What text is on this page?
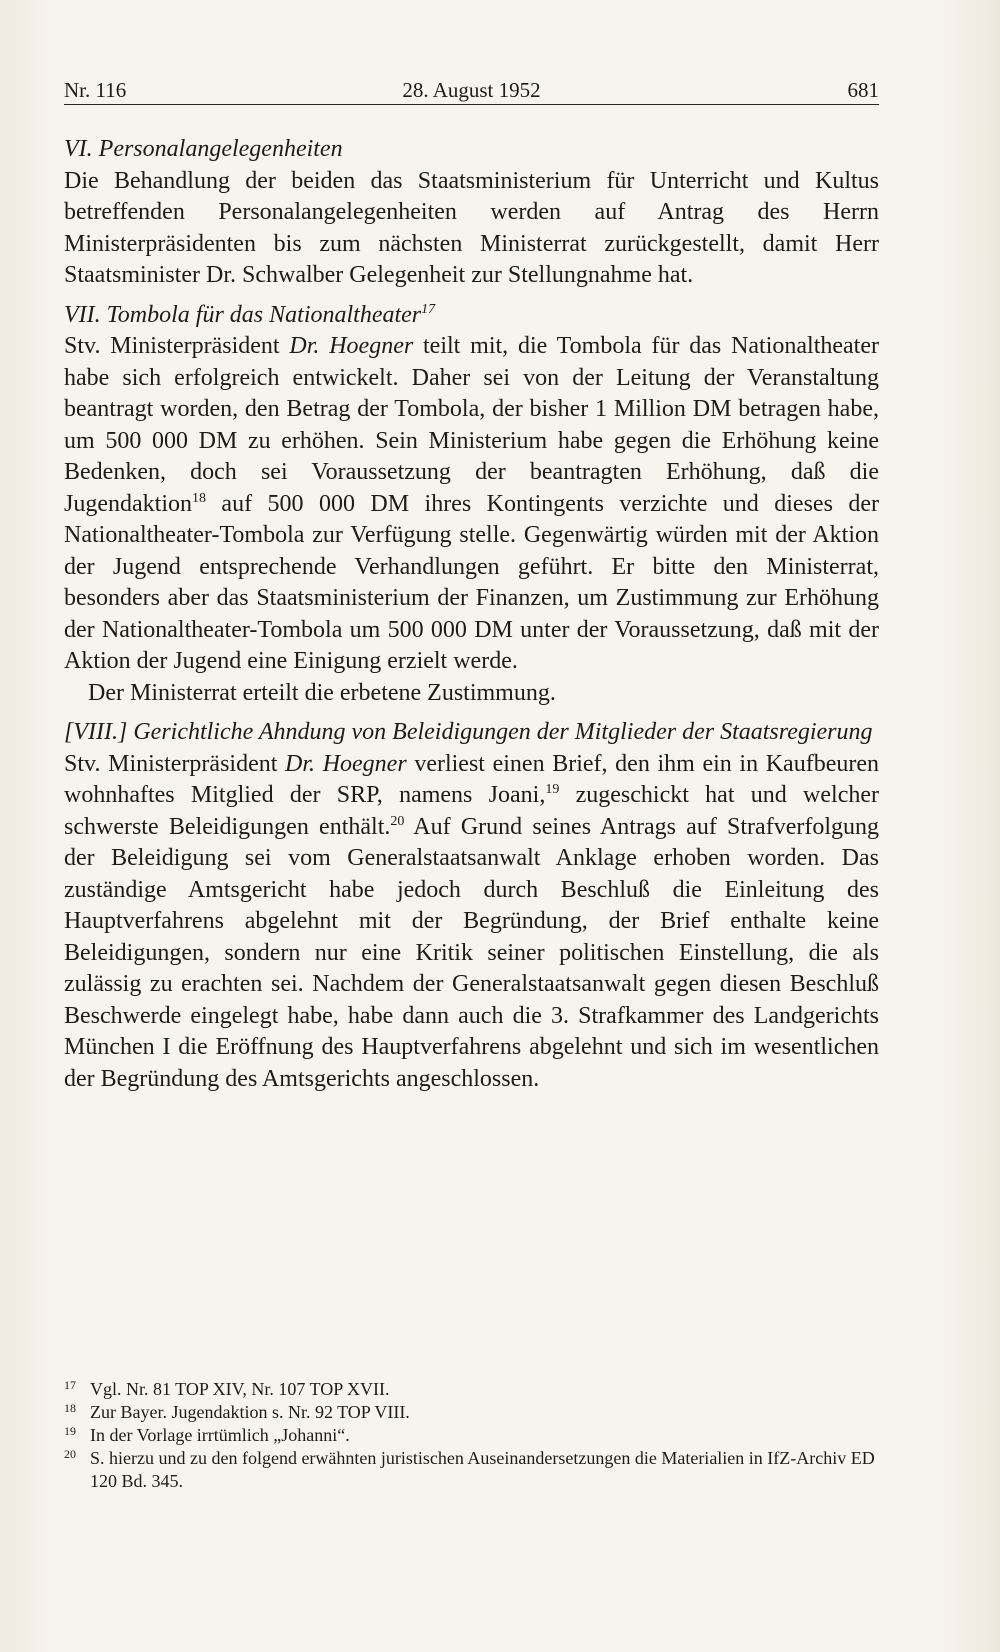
Nr. 116	28. August 1952	681

VI. Personalangelegenheiten

Die Behandlung der beiden das Staatsministerium für Unterricht und Kultus betreffenden Personalangelegenheiten werden auf Antrag des Herrn Ministerpräsidenten bis zum nächsten Ministerrat zurückgestellt, damit Herr Staatsminister Dr. Schwalber Gelegenheit zur Stellungnahme hat.

VII. Tombola für das Nationaltheater$^{17}$

Stv. Ministerpräsident Dr. Hoegner teilt mit, die Tombola für das Nationaltheater habe sich erfolgreich entwickelt. Daher sei von der Leitung der Veranstaltung beantragt worden, den Betrag der Tombola, der bisher 1 Million DM betragen habe, um 500 000 DM zu erhöhen. Sein Ministerium habe gegen die Erhöhung keine Bedenken, doch sei Voraussetzung der beantragten Erhöhung, daß die Jugendaktion$^{18}$ auf 500 000 DM ihres Kontingents verzichte und dieses der Nationaltheater-Tombola zur Verfügung stelle. Gegenwärtig würden mit der Aktion der Jugend entsprechende Verhandlungen geführt. Er bitte den Ministerrat, besonders aber das Staatsministerium der Finanzen, um Zustimmung zur Erhöhung der Nationaltheater-Tombola um 500 000 DM unter der Voraussetzung, daß mit der Aktion der Jugend eine Einigung erzielt werde.

Der Ministerrat erteilt die erbetene Zustimmung.

[VIII.] Gerichtliche Ahndung von Beleidigungen der Mitglieder der Staatsregierung

Stv. Ministerpräsident Dr. Hoegner verliest einen Brief, den ihm ein in Kaufbeuren wohnhaftes Mitglied der SRP, namens Joani,$^{19}$ zugeschickt hat und welcher schwerste Beleidigungen enthält.$^{20}$ Auf Grund seines Antrags auf Strafverfolgung der Beleidigung sei vom Generalstaatsanwalt Anklage erhoben worden. Das zuständige Amtsgericht habe jedoch durch Beschluß die Einleitung des Hauptverfahrens abgelehnt mit der Begründung, der Brief enthalte keine Beleidigungen, sondern nur eine Kritik seiner politischen Einstellung, die als zulässig zu erachten sei. Nachdem der Generalstaatsanwalt gegen diesen Beschluß Beschwerde eingelegt habe, habe dann auch die 3. Strafkammer des Landgerichts München I die Eröffnung des Hauptverfahrens abgelehnt und sich im wesentlichen der Begründung des Amtsgerichts angeschlossen.

17 Vgl. Nr. 81 TOP XIV, Nr. 107 TOP XVII.
18 Zur Bayer. Jugendaktion s. Nr. 92 TOP VIII.
19 In der Vorlage irrtümlich „Johanni“.
20 S. hierzu und zu den folgend erwähnten juristischen Auseinandersetzungen die Materialien in IfZ-Archiv ED 120 Bd. 345.
